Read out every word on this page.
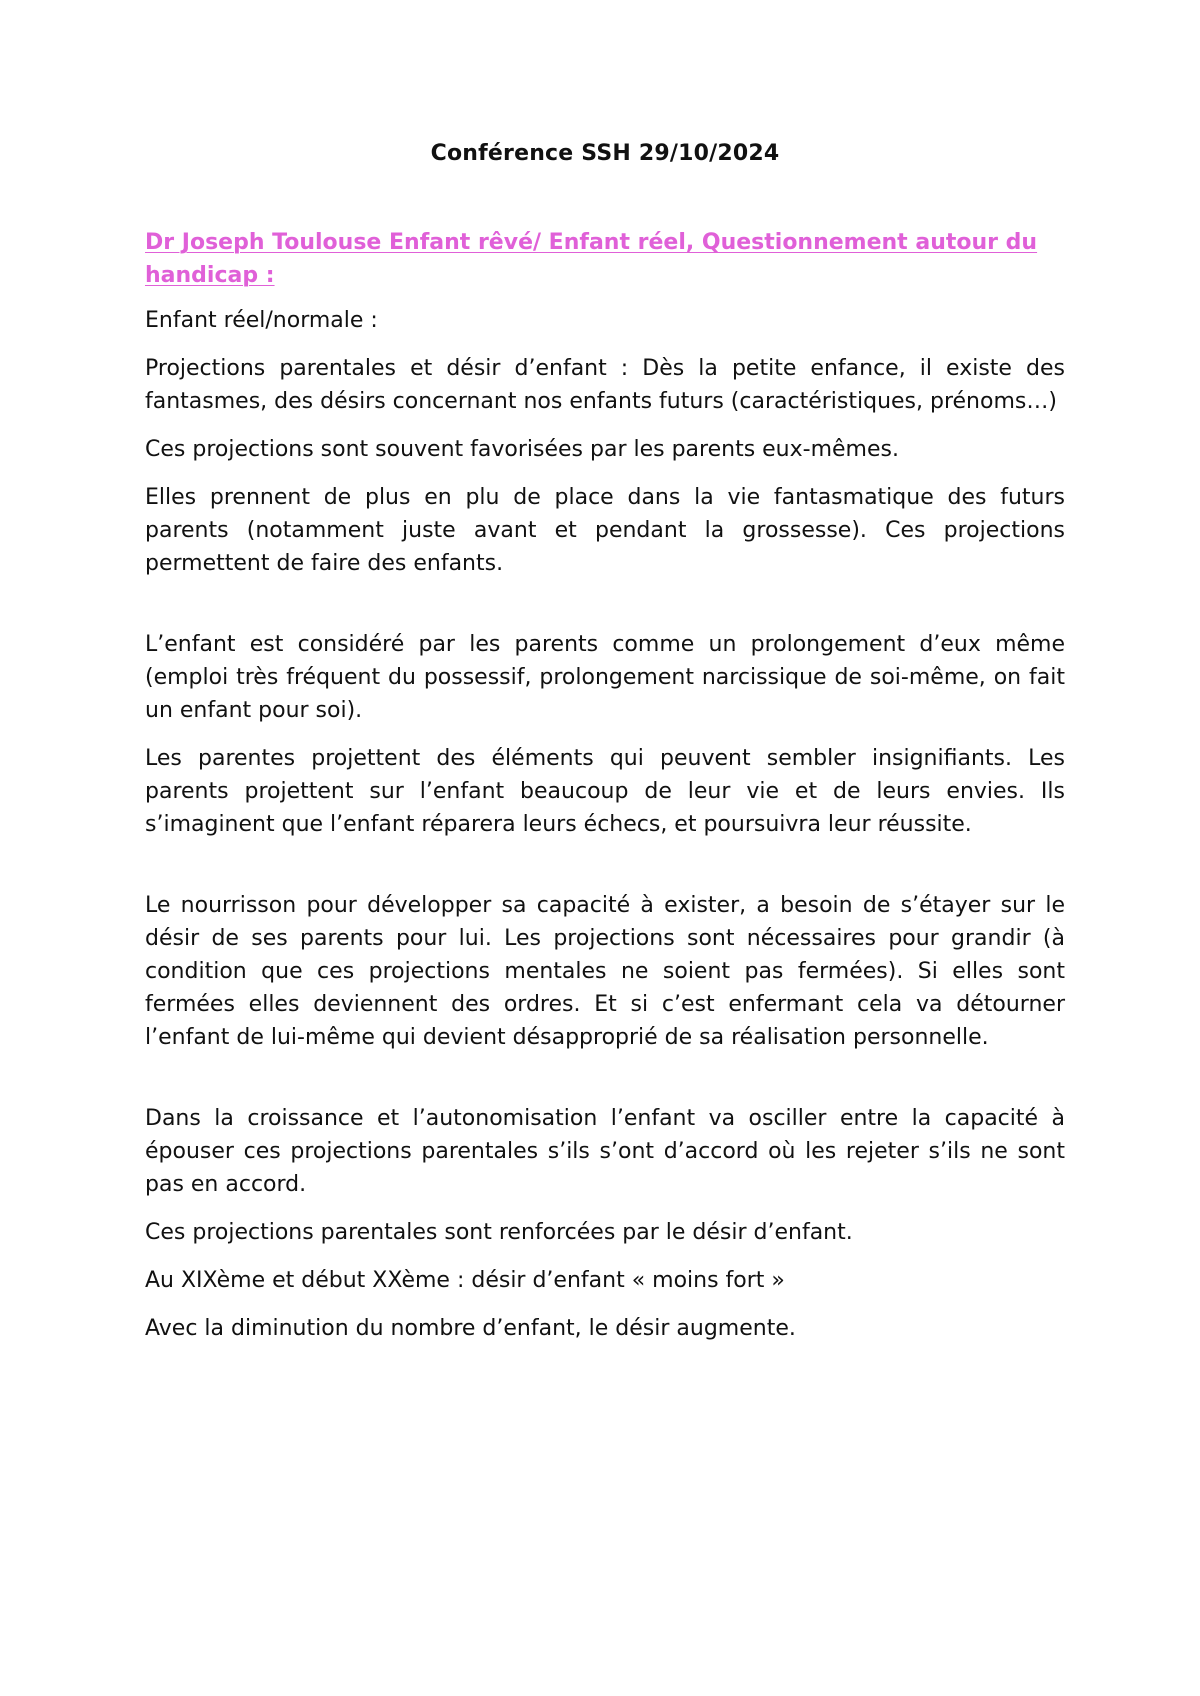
Conférence SSH 29/10/2024

Dr Joseph Toulouse Enfant rêvé/ Enfant réel, Questionnement autour du handicap :

Enfant réel/normale :

Projections parentales et désir d’enfant : Dès la petite enfance, il existe des fantasmes, des désirs concernant nos enfants futurs (caractéristiques, prénoms…)

Ces projections sont souvent favorisées par les parents eux-mêmes.

Elles prennent de plus en plu de place dans la vie fantasmatique des futurs parents (notamment juste avant et pendant la grossesse). Ces projections permettent de faire des enfants.

L’enfant est considéré par les parents comme un prolongement d’eux même (emploi très fréquent du possessif, prolongement narcissique de soi-même, on fait un enfant pour soi).

Les parentes projettent des éléments qui peuvent sembler insignifiants. Les parents projettent sur l’enfant beaucoup de leur vie et de leurs envies. Ils s’imaginent que l’enfant réparera leurs échecs, et poursuivra leur réussite.

Le nourrisson pour développer sa capacité à exister, a besoin de s’étayer sur le désir de ses parents pour lui. Les projections sont nécessaires pour grandir (à condition que ces projections mentales ne soient pas fermées). Si elles sont fermées elles deviennent des ordres. Et si c’est enfermant cela va détourner l’enfant de lui-même qui devient désapproprié de sa réalisation personnelle.

Dans la croissance et l’autonomisation l’enfant va osciller entre la capacité à épouser ces projections parentales s’ils s’ont d’accord où les rejeter s’ils ne sont pas en accord.

Ces projections parentales sont renforcées par le désir d’enfant.

Au XIXème et début XXème : désir d’enfant « moins fort »

Avec la diminution du nombre d’enfant, le désir augmente.
